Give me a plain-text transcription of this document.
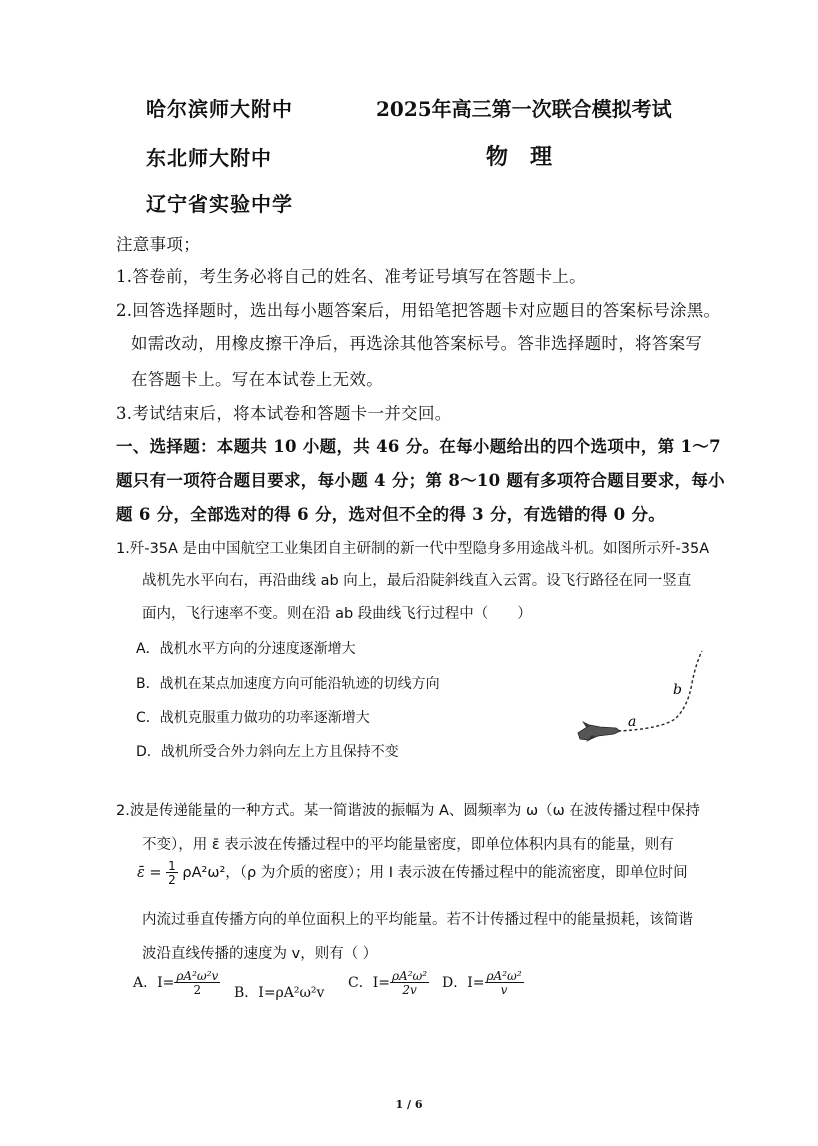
哈尔滨师大附中
东北师大附中
辽宁省实验中学
2025年高三第一次联合模拟考试
物　理
注意事项；
1.答卷前，考生务必将自己的姓名、准考证号填写在答题卡上。
2.回答选择题时，选出每小题答案后，用铅笔把答题卡对应题目的答案标号涂黑。
如需改动，用橡皮擦干净后，再选涂其他答案标号。答非选择题时，将答案写
在答题卡上。写在本试卷上无效。
3.考试结束后，将本试卷和答题卡一并交回。
一、选择题：本题共 10 小题，共 46 分。在每小题给出的四个选项中，第 1～7
题只有一项符合题目要求，每小题 4 分；第 8～10 题有多项符合题目要求，每小
题 6 分，全部选对的得 6 分，选对但不全的得 3 分，有选错的得 0 分。
1.歼-35A 是由中国航空工业集团自主研制的新一代中型隐身多用途战斗机。如图所示歼-35A
战机先水平向右，再沿曲线 ab 向上，最后沿陡斜线直入云霄。设飞行路径在同一竖直
面内，飞行速率不变。则在沿 ab 段曲线飞行过程中（　　）
A．战机水平方向的分速度逐渐增大
B．战机在某点加速度方向可能沿轨迹的切线方向
C．战机克服重力做功的功率逐渐增大
D．战机所受合外力斜向左上方且保持不变
a
b
2.波是传递能量的一种方式。某一简谐波的振幅为 A、圆频率为 ω（ω 在波传播过程中保持
不变），用 ε̄ 表示波在传播过程中的平均能量密度，即单位体积内具有的能量，则有
ε̄ = $\frac{1}{2} \rho A^2\omega^2$，（ρ 为介质的密度）；用 I 表示波在传播过程中的能流密度，即单位时间
内流过垂直传播方向的单位面积上的平均能量。若不计传播过程中的能量损耗，该简谐
波沿直线传播的速度为 v，则有（ ）
A．$I= \frac{\text{ρA²ω²v}}{2}$ B．I=ρA²ω²v
C．$I= \frac{\text{ρA²ω²}}{2v}$ D．$I= \frac{\text{ρA²ω²}}{v}$
1 / 6
